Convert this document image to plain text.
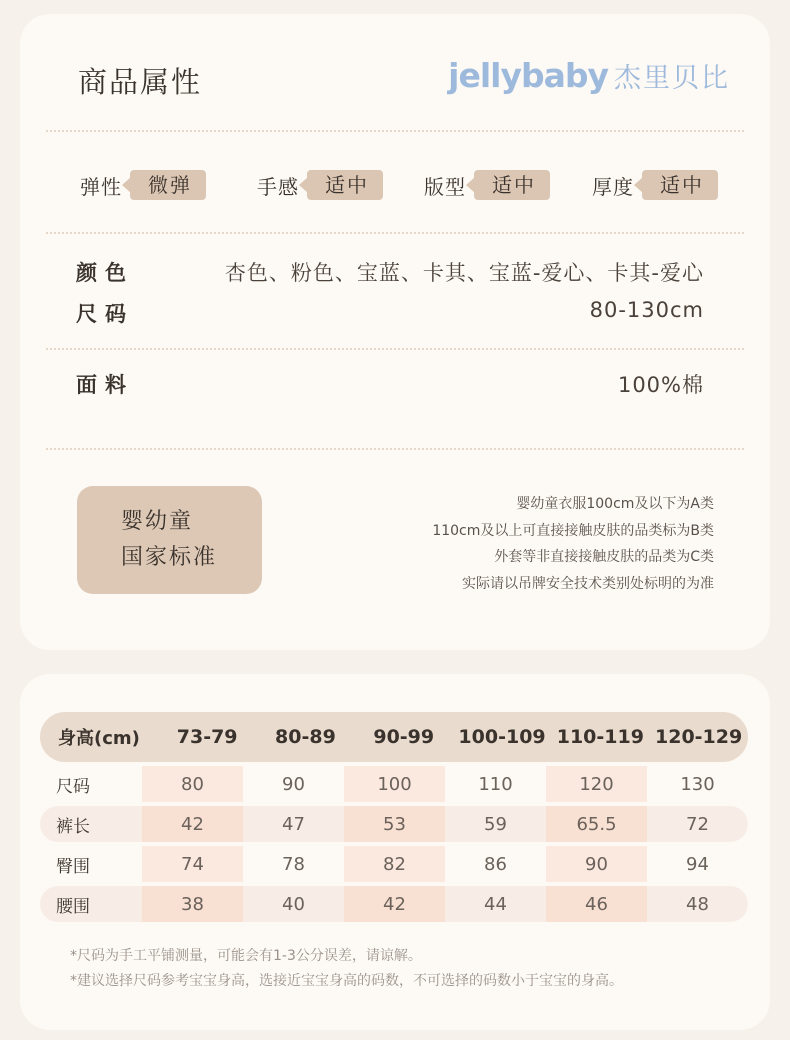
商品属性	jellybaby 杰里贝比
弹性	微弹	手感	适中	版型	适中	厚度	适中
颜色	杏色、粉色、宝蓝、卡其、宝蓝-爱心、卡其-爱心
尺码	80-130cm
面料	100%棉
婴幼童
国家标准
婴幼童衣服100cm及以下为A类
110cm及以上可直接接触皮肤的品类标为B类
外套等非直接接触皮肤的品类为C类
实际请以吊牌安全技术类别处标明的为准
身高(cm)	73-79	80-89	90-99	100-109 110-119 120-129
尺码	80	90	100	110	120	130
裤长	42	47	53	59	65.5	72
臀围	74	78	82	86	90	94
腰围	38	40	42	44	46	48
*尺码为手工平铺测量，可能会有1-3公分误差，请谅解。
*建议选择尺码参考宝宝身高，选接近宝宝身高的码数，不可选择的码数小于宝宝的身高。
